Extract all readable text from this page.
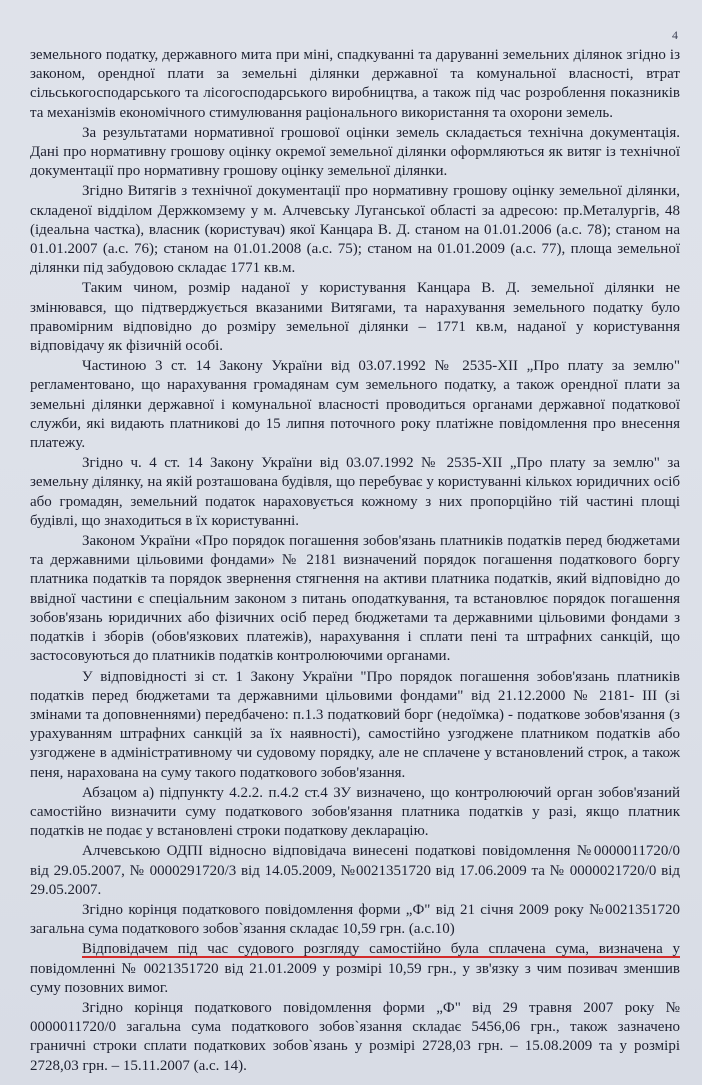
4

земельного податку, державного мита при міні, спадкуванні та даруванні земельних ділянок згідно із законом, орендної плати за земельні ділянки державної та комунальної власності, втрат сільськогосподарського та лісогосподарського виробництва, а також під час розроблення показників та механізмів економічного стимулювання раціонального використання та охорони земель.

За результатами нормативної грошової оцінки земель складається технічна документація. Дані про нормативну грошову оцінку окремої земельної ділянки оформляються як витяг із технічної документації про нормативну грошову оцінку земельної ділянки.

Згідно Витягів з технічної документації про нормативну грошову оцінку земельної ділянки, складеної відділом Держкомзему у м. Алчевську Луганської області за адресою: пр.Металургів, 48 (ідеальна частка), власник (користувач) якої Канцара В. Д. станом на 01.01.2006 (а.с. 78); станом на 01.01.2007 (а.с. 76); станом на 01.01.2008 (а.с. 75); станом на 01.01.2009 (а.с. 77), площа земельної ділянки під забудовою складає 1771 кв.м.

Таким чином, розмір наданої у користування Канцара В. Д. земельної ділянки не змінювався, що підтверджується вказаними Витягами, та нарахування земельного податку було правомірним відповідно до розміру земельної ділянки – 1771 кв.м, наданої у користування відповідачу як фізичній особі.

Частиною 3 ст. 14 Закону України від 03.07.1992 № 2535-ХІІ „Про плату за землю" регламентовано, що нарахування громадянам сум земельного податку, а також орендної плати за земельні ділянки державної і комунальної власності проводиться органами державної податкової служби, які видають платникові до 15 липня поточного року платіжне повідомлення про внесення платежу.

Згідно ч. 4 ст. 14 Закону України від 03.07.1992 № 2535-ХІІ „Про плату за землю" за земельну ділянку, на якій розташована будівля, що перебуває у користуванні кількох юридичних осіб або громадян, земельний податок нараховується кожному з них пропорційно тій частині площі будівлі, що знаходиться в їх користуванні.

Законом України «Про порядок погашення зобов'язань платників податків перед бюджетами та державними цільовими фондами» № 2181 визначений порядок погашення податкового боргу платника податків та порядок звернення стягнення на активи платника податків, який відповідно до ввідної частини є спеціальним законом з питань оподаткування, та встановлює порядок погашення зобов'язань юридичних або фізичних осіб перед бюджетами та державними цільовими фондами з податків і зборів (обов'язкових платежів), нарахування і сплати пені та штрафних санкцій, що застосовуються до платників податків контролюючими органами.

У відповідності зі ст. 1 Закону України "Про порядок погашення зобов'язань платників податків перед бюджетами та державними цільовими фондами" від 21.12.2000 № 2181- ІІІ (зі змінами та доповненнями) передбачено: п.1.3 податковий борг (недоїмка) - податкове зобов'язання (з урахуванням штрафних санкцій за їх наявності), самостійно узгоджене платником податків або узгоджене в адміністративному чи судовому порядку, але не сплачене у встановлений строк, а також пеня, нарахована на суму такого податкового зобов'язання.

Абзацом а) підпункту 4.2.2. п.4.2 ст.4 ЗУ визначено, що контролюючий орган зобов'язаний самостійно визначити суму податкового зобов'язання платника податків у разі, якщо платник податків не подає у встановлені строки податкову декларацію.

Алчевською ОДПІ відносно відповідача винесені податкові повідомлення №0000011720/0 від 29.05.2007, № 0000291720/3 від 14.05.2009, №0021351720 від 17.06.2009 та № 0000021720/0 від 29.05.2007.

Згідно корінця податкового повідомлення форми „Ф" від 21 січня 2009 року №0021351720 загальна сума податкового зобов`язання складає 10,59 грн. (а.с.10)

Відповідачем під час судового розгляду самостійно була сплачена сума, визначена у повідомленні № 0021351720 від 21.01.2009 у розмірі 10,59 грн., у зв'язку з чим позивач зменшив суму позовних вимог.

Згідно корінця податкового повідомлення форми „Ф" від 29 травня 2007 року № 0000011720/0 загальна сума податкового зобов`язання складає 5456,06 грн., також зазначено граничні строки сплати податкових зобов`язань у розмірі 2728,03 грн. – 15.08.2009 та у розмірі 2728,03 грн. – 15.11.2007 (а.с. 14).
